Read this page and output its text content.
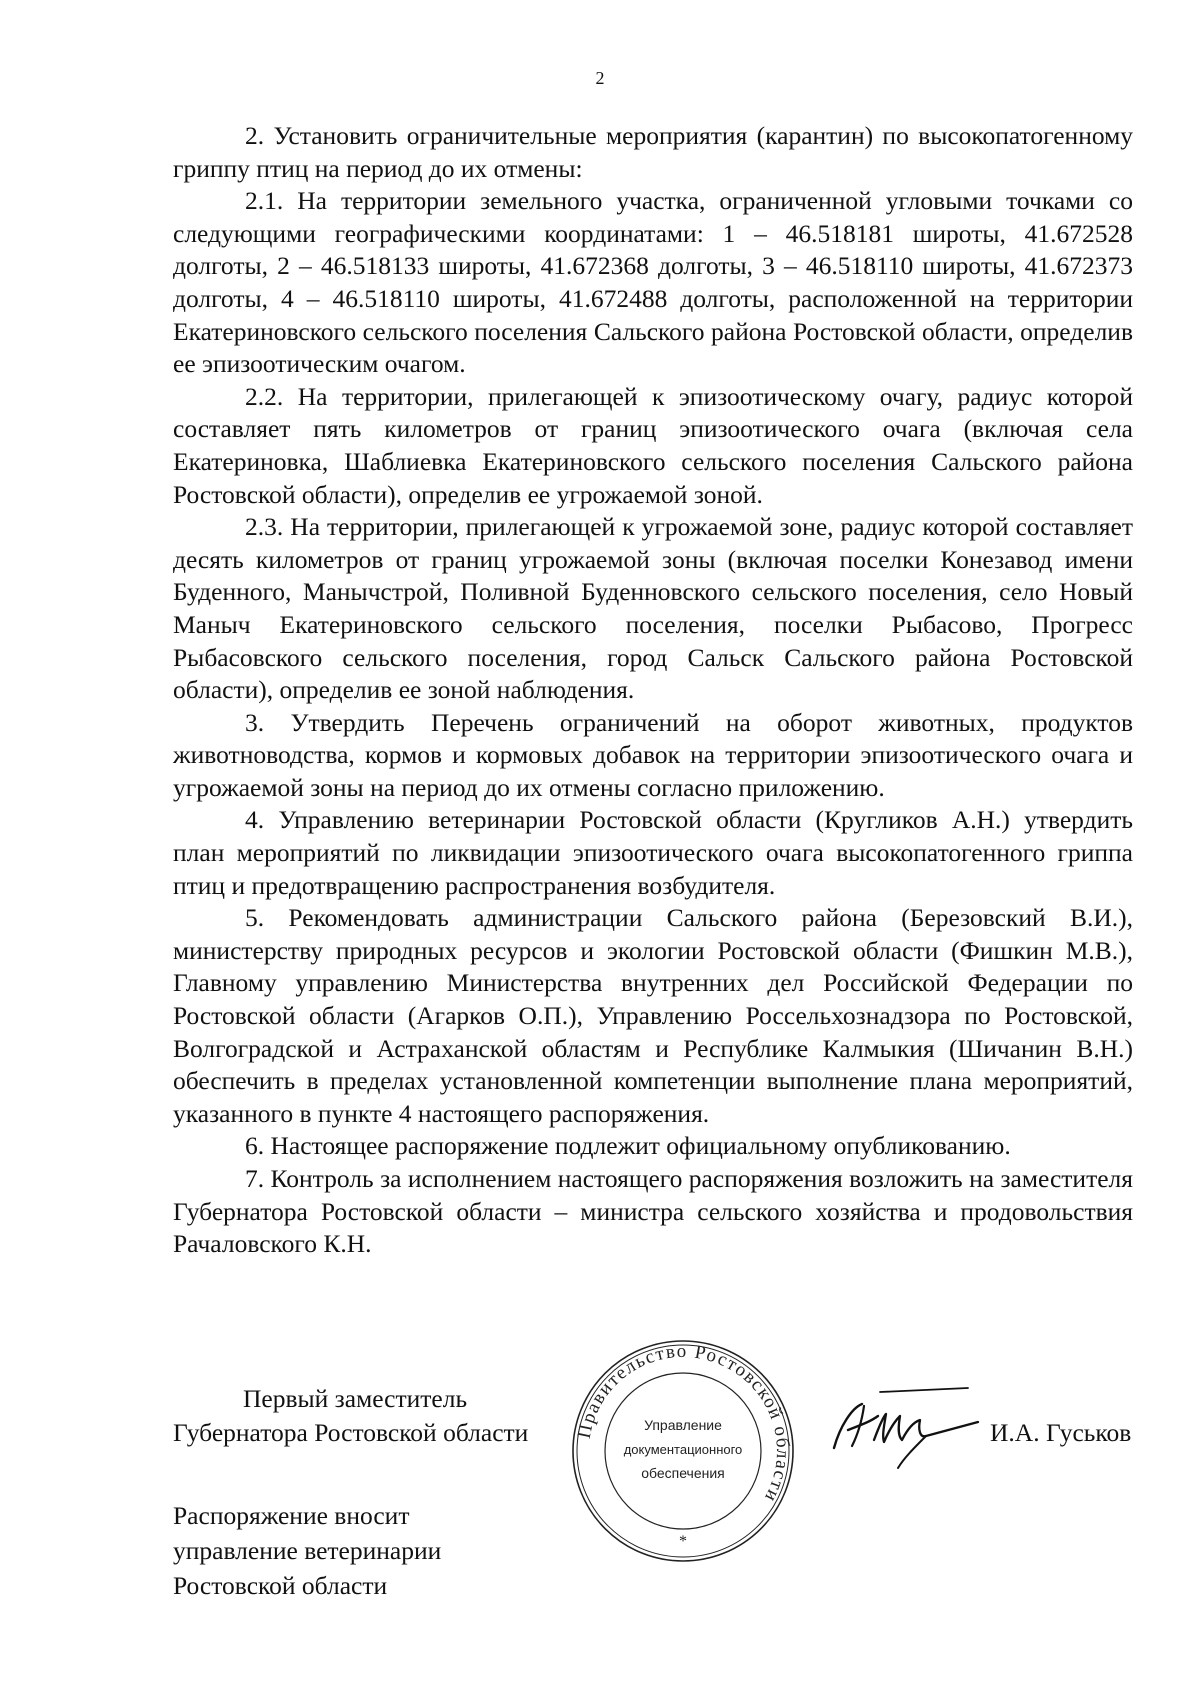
2

2. Установить ограничительные мероприятия (карантин) по высокопатогенному гриппу птиц на период до их отмены:

2.1. На территории земельного участка, ограниченной угловыми точками со следующими географическими координатами: 1 – 46.518181 широты, 41.672528 долготы, 2 – 46.518133 широты, 41.672368 долготы, 3 – 46.518110 широты, 41.672373 долготы, 4 – 46.518110 широты, 41.672488 долготы, расположенной на территории Екатериновского сельского поселения Сальского района Ростовской области, определив ее эпизоотическим очагом.

2.2. На территории, прилегающей к эпизоотическому очагу, радиус которой составляет пять километров от границ эпизоотического очага (включая села Екатериновка, Шаблиевка Екатериновского сельского поселения Сальского района Ростовской области), определив ее угрожаемой зоной.

2.3. На территории, прилегающей к угрожаемой зоне, радиус которой составляет десять километров от границ угрожаемой зоны (включая поселки Конезавод имени Буденного, Манычстрой, Поливной Буденновского сельского поселения, село Новый Маныч Екатериновского сельского поселения, поселки Рыбасово, Прогресс Рыбасовского сельского поселения, город Сальск Сальского района Ростовской области), определив ее зоной наблюдения.

3. Утвердить Перечень ограничений на оборот животных, продуктов животноводства, кормов и кормовых добавок на территории эпизоотического очага и угрожаемой зоны на период до их отмены согласно приложению.

4. Управлению ветеринарии Ростовской области (Кругликов А.Н.) утвердить план мероприятий по ликвидации эпизоотического очага высокопатогенного гриппа птиц и предотвращению распространения возбудителя.

5. Рекомендовать администрации Сальского района (Березовский В.И.), министерству природных ресурсов и экологии Ростовской области (Фишкин М.В.), Главному управлению Министерства внутренних дел Российской Федерации по Ростовской области (Агарков О.П.), Управлению Россельхознадзора по Ростовской, Волгоградской и Астраханской областям и Республике Калмыкия (Шичанин В.Н.) обеспечить в пределах установленной компетенции выполнение плана мероприятий, указанного в пункте 4 настоящего распоряжения.

6. Настоящее распоряжение подлежит официальному опубликованию.

7. Контроль за исполнением настоящего распоряжения возложить на заместителя Губернатора Ростовской области – министра сельского хозяйства и продовольствия Рачаловского К.Н.

Первый заместитель
Губернатора Ростовской области Правительство Ростовской области
Управление
документационного
обеспечения
*
И.А. Гуськов
Распоряжение вносит
управление ветеринарии
Ростовской области
